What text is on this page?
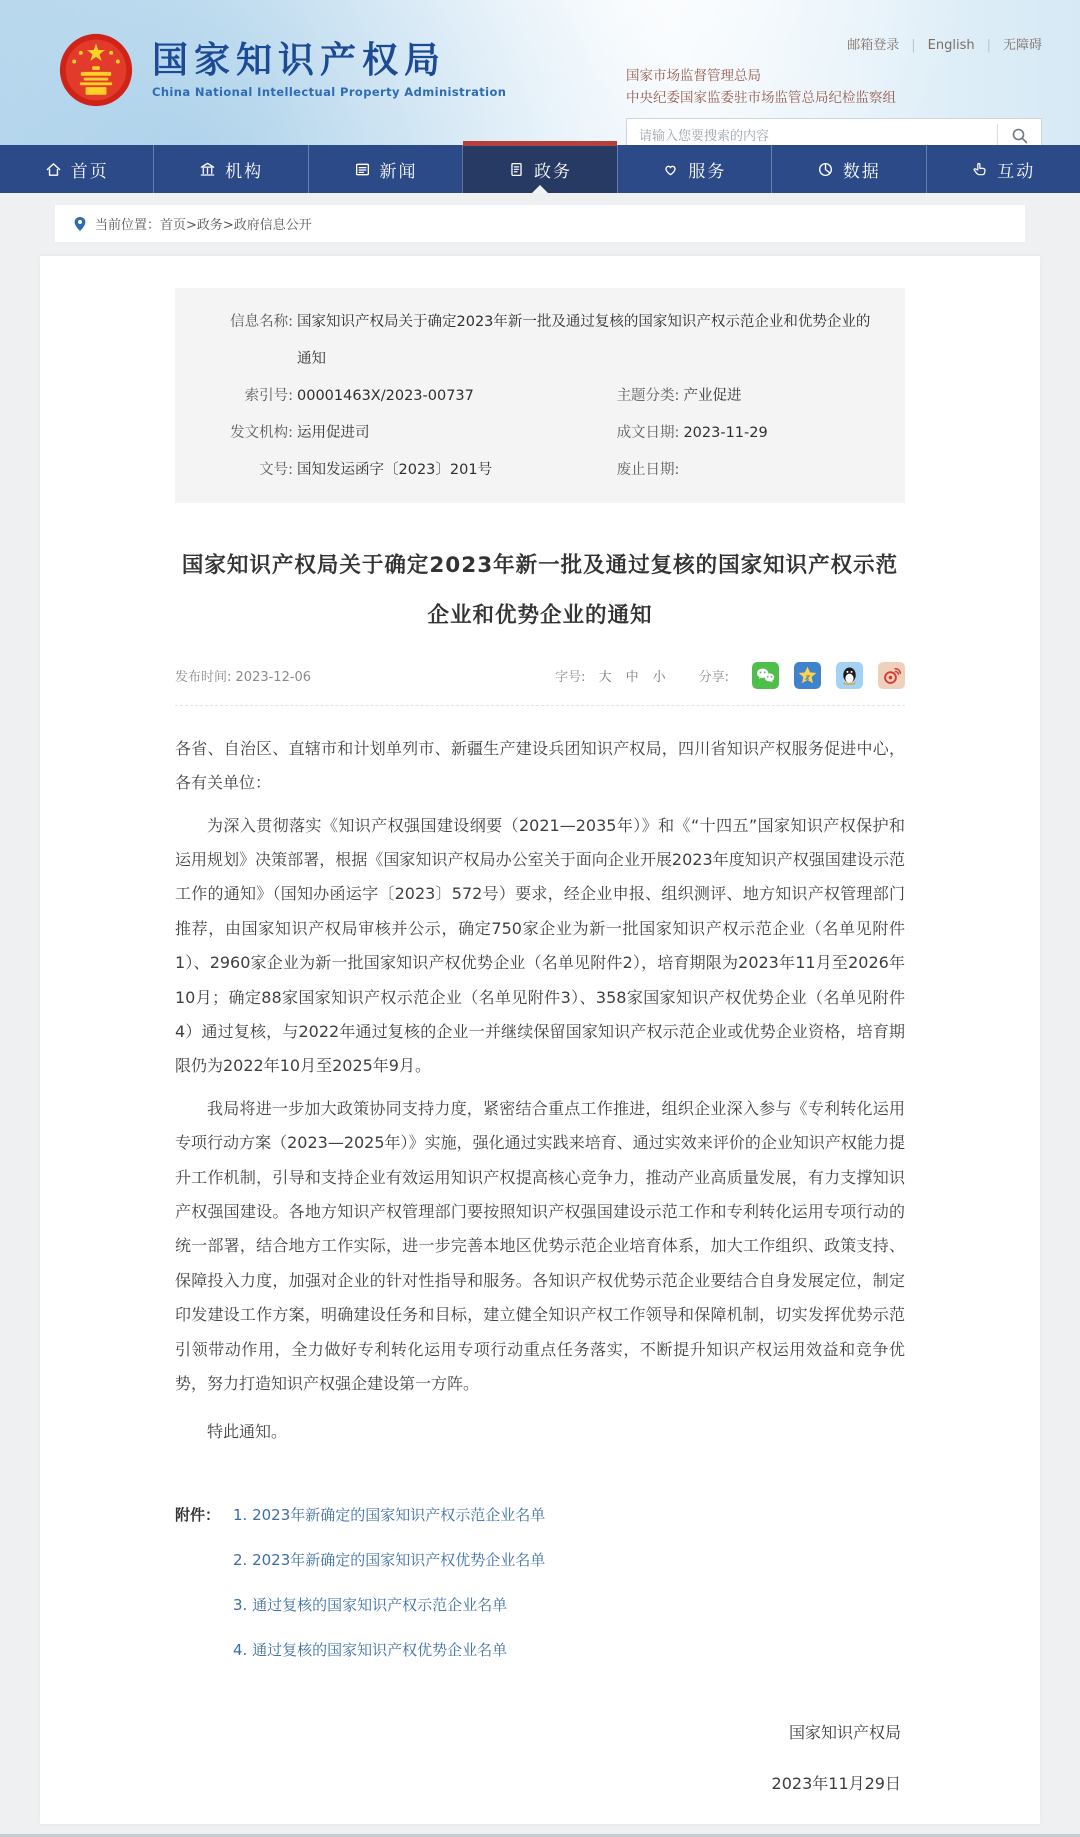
国家知识产权局
China National Intellectual Property Administration
邮箱登录 | English | 无障碍
国家市场监督管理总局
中央纪委国家监委驻市场监管总局纪检监察组
请输入您要搜索的内容
首页	机构	新闻	政务	服务	数据	互动
当前位置： 首页>政务>政府信息公开
信息名称: 国家知识产权局关于确定2023年新一批及通过复核的国家知识产权示范企业和优势企业的通知
索引号: 00001463X/2023-00737	主题分类: 产业促进
发文机构: 运用促进司	成文日期: 2023-11-29
文号: 国知发运函字〔2023〕201号	废止日期:
国家知识产权局关于确定2023年新一批及通过复核的国家知识产权示范企业和优势企业的通知
发布时间: 2023-12-06	字号: 大 中 小	分享:

各省、自治区、直辖市和计划单列市、新疆生产建设兵团知识产权局，四川省知识产权服务促进中心，各有关单位：

为深入贯彻落实《知识产权强国建设纲要（2021—2035年）》和《“十四五”国家知识产权保护和运用规划》决策部署，根据《国家知识产权局办公室关于面向企业开展2023年度知识产权强国建设示范工作的通知》（国知办函运字〔2023〕572号）要求，经企业申报、组织测评、地方知识产权管理部门推荐，由国家知识产权局审核并公示，确定750家企业为新一批国家知识产权示范企业（名单见附件1）、2960家企业为新一批国家知识产权优势企业（名单见附件2），培育期限为2023年11月至2026年10月；确定88家国家知识产权示范企业（名单见附件3）、358家国家知识产权优势企业（名单见附件4）通过复核，与2022年通过复核的企业一并继续保留国家知识产权示范企业或优势企业资格，培育期限仍为2022年10月至2025年9月。

我局将进一步加大政策协同支持力度，紧密结合重点工作推进，组织企业深入参与《专利转化运用专项行动方案（2023—2025年）》实施，强化通过实践来培育、通过实效来评价的企业知识产权能力提升工作机制，引导和支持企业有效运用知识产权提高核心竞争力，推动产业高质量发展，有力支撑知识产权强国建设。各地方知识产权管理部门要按照知识产权强国建设示范工作和专利转化运用专项行动的统一部署，结合地方工作实际，进一步完善本地区优势示范企业培育体系，加大工作组织、政策支持、保障投入力度，加强对企业的针对性指导和服务。各知识产权优势示范企业要结合自身发展定位，制定印发建设工作方案，明确建设任务和目标，建立健全知识产权工作领导和保障机制，切实发挥优势示范引领带动作用，全力做好专利转化运用专项行动重点任务落实，不断提升知识产权运用效益和竞争优势，努力打造知识产权强企建设第一方阵。

特此通知。

附件： 1. 2023年新确定的国家知识产权示范企业名单
2. 2023年新确定的国家知识产权优势企业名单
3. 通过复核的国家知识产权示范企业名单
4. 通过复核的国家知识产权优势企业名单
国家知识产权局
2023年11月29日
